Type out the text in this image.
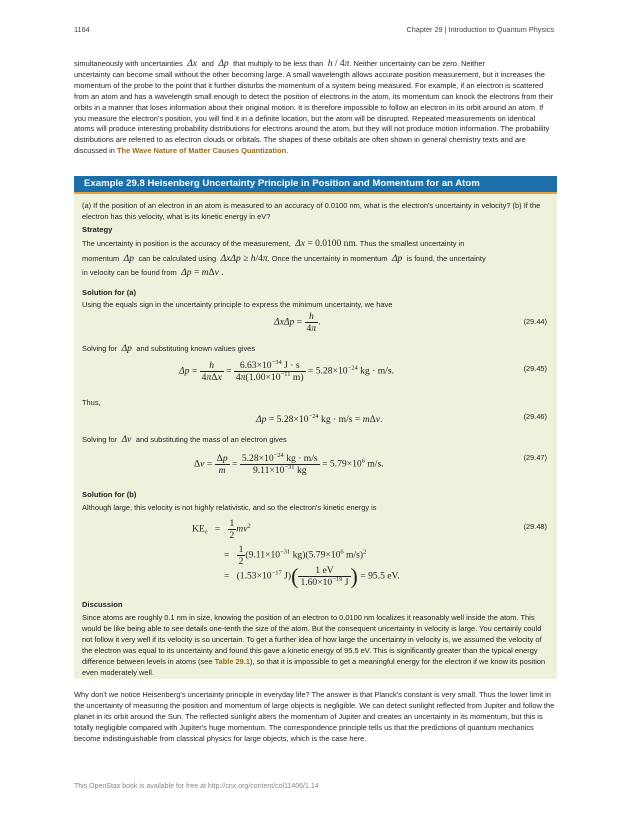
1164	Chapter 29 | Introduction to Quantum Physics

simultaneously with uncertainties  Δx  and  Δp  that multiply to be less than  h / 4π. Neither uncertainty can be zero. Neither

uncertainty can become small without the other becoming large. A small wavelength allows accurate position measurement, but it increases the momentum of the probe to the point that it further disturbs the momentum of a system being measured. For example, if an electron is scattered from an atom and has a wavelength small enough to detect the position of electrons in the atom, its momentum can knock the electrons from their orbits in a manner that loses information about their original motion. It is therefore impossible to follow an electron in its orbit around an atom. If you measure the electron's position, you will find it in a definite location, but the atom will be disrupted. Repeated measurements on identical atoms will produce interesting probability distributions for electrons around the atom, but they will not produce motion information. The probability distributions are referred to as electron clouds or orbitals. The shapes of these orbitals are often shown in general chemistry texts and are discussed in The Wave Nature of Matter Causes Quantization.

Example 29.8 Heisenberg Uncertainty Principle in Position and Momentum for an Atom
(a) If the position of an electron in an atom is measured to an accuracy of 0.0100 nm, what is the electron's uncertainty in velocity? (b) If the electron has this velocity, what is its kinetic energy in eV?
Strategy

The uncertainty in position is the accuracy of the measurement,  Δx = 0.0100 nm. Thus the smallest uncertainty in

momentum  Δp  can be calculated using  ΔxΔp ≥ h/4π. Once the uncertainty in momentum  Δp  is found, the uncertainty

in velocity can be found from  Δp = mΔv .

Solution for (a)
Using the equals sign in the uncertainty principle to express the minimum uncertainty, we have
$\Delta x\Delta p = \frac{h}{4\pi}$ .	(29.44)
Solving for  Δp  and substituting known values gives
$\Delta p = \frac{h}{\text{4πΔx}} = \frac{6.63\times 10^{-34} J \cdot s}{4\pi(1.00\times 10^{-11} m)} = 5.28\times 10^{-24}$ kg · m/s.	(29.45)
Thus,
$\Delta p = 5.28\times 10^{-24}$ kg · m/s = mΔv.	(29.46)
Solving for  Δv  and substituting the mass of an electron gives
$\Delta v = \frac{\Delta p}{m} = \frac{5.28\times 10^{-24} kg \cdot m/s}{9.11\times 10^{-31} kg} = 5.79\times 10^6$ m/s.
(29.47)
Solution for (b)
Although large, this velocity is not highly relativistic, and so the electron's kinetic energy is
$KE_e = \frac{1}{2} mv^2$
= $\frac{1}{2} (9.11\times 10^{-31}$ $kg)(5.79\times 10^6$ m/s)$^2$
=   ($1.53\times 10^{-17}$ $J)( \frac{1 eV}{1.60\times 10^{-19} J}$ ) = 95.5 eV.
(29.48)
Discussion
Since atoms are roughly 0.1 nm in size, knowing the position of an electron to 0.0100 nm localizes it reasonably well inside the atom. This would be like being able to see details one-tenth the size of the atom. But the consequent uncertainty in velocity is large. You certainly could not follow it very well if its velocity is so uncertain. To get a further idea of how large the uncertainty in velocity is, we assumed the velocity of the electron was equal to its uncertainty and found this gave a kinetic energy of 95.5 eV. This is significantly greater than the typical energy difference between levels in atoms (see Table 29.1), so that it is impossible to get a meaningful energy for the electron if we know its position even moderately well.
Why don't we notice Heisenberg's uncertainty principle in everyday life? The answer is that Planck's constant is very small. Thus the lower limit in the uncertainty of measuring the position and momentum of large objects is negligible. We can detect sunlight reflected from Jupiter and follow the planet in its orbit around the Sun. The reflected sunlight alters the momentum of Jupiter and creates an uncertainty in its momentum, but this is totally negligible compared with Jupiter's huge momentum. The correspondence principle tells us that the predictions of quantum mechanics become indistinguishable from classical physics for large objects, which is the case here.
This OpenStax book is available for free at http://cnx.org/content/col11406/1.14
